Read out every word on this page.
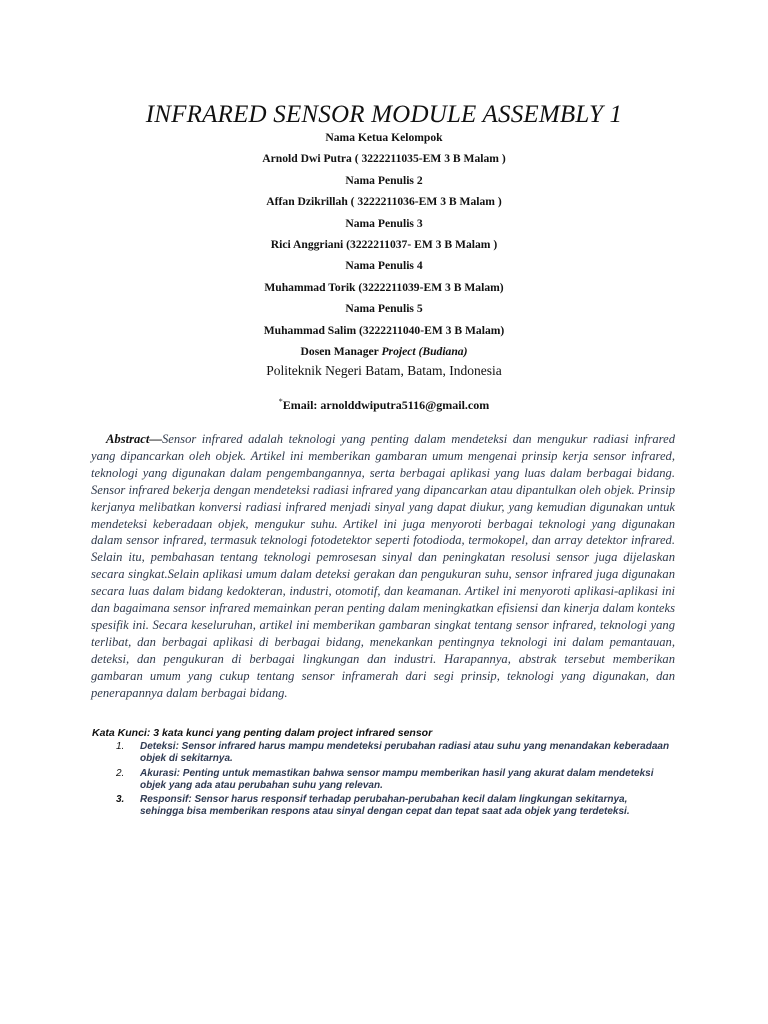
INFRARED SENSOR MODULE ASSEMBLY 1
Nama Ketua Kelompok
Arnold Dwi Putra ( 3222211035-EM 3 B Malam )
Nama Penulis 2
Affan Dzikrillah ( 3222211036-EM 3 B Malam )
Nama Penulis 3
Rici Anggriani (3222211037- EM 3 B Malam )
Nama Penulis 4
Muhammad Torik (3222211039-EM 3 B Malam)
Nama Penulis 5
Muhammad Salim (3222211040-EM 3 B Malam)
Dosen Manager Project (Budiana)
Politeknik Negeri Batam, Batam, Indonesia
*Email: arnolddwiputra5116@gmail.com
Abstract—Sensor infrared adalah teknologi yang penting dalam mendeteksi dan mengukur radiasi infrared yang dipancarkan oleh objek. Artikel ini memberikan gambaran umum mengenai prinsip kerja sensor infrared, teknologi yang digunakan dalam pengembangannya, serta berbagai aplikasi yang luas dalam berbagai bidang. Sensor infrared bekerja dengan mendeteksi radiasi infrared yang dipancarkan atau dipantulkan oleh objek. Prinsip kerjanya melibatkan konversi radiasi infrared menjadi sinyal yang dapat diukur, yang kemudian digunakan untuk mendeteksi keberadaan objek, mengukur suhu. Artikel ini juga menyoroti berbagai teknologi yang digunakan dalam sensor infrared, termasuk teknologi fotodetektor seperti fotodioda, termokopel, dan array detektor infrared. Selain itu, pembahasan tentang teknologi pemrosesan sinyal dan peningkatan resolusi sensor juga dijelaskan secara singkat.Selain aplikasi umum dalam deteksi gerakan dan pengukuran suhu, sensor infrared juga digunakan secara luas dalam bidang kedokteran, industri, otomotif, dan keamanan. Artikel ini menyoroti aplikasi-aplikasi ini dan bagaimana sensor infrared memainkan peran penting dalam meningkatkan efisiensi dan kinerja dalam konteks spesifik ini. Secara keseluruhan, artikel ini memberikan gambaran singkat tentang sensor infrared, teknologi yang terlibat, dan berbagai aplikasi di berbagai bidang, menekankan pentingnya teknologi ini dalam pemantauan, deteksi, dan pengukuran di berbagai lingkungan dan industri. Harapannya, abstrak tersebut memberikan gambaran umum yang cukup tentang sensor inframerah dari segi prinsip, teknologi yang digunakan, dan penerapannya dalam berbagai bidang.
Kata Kunci: 3 kata kunci yang penting dalam project infrared sensor
1. Deteksi: Sensor infrared harus mampu mendeteksi perubahan radiasi atau suhu yang menandakan keberadaan objek di sekitarnya.
2. Akurasi: Penting untuk memastikan bahwa sensor mampu memberikan hasil yang akurat dalam mendeteksi objek yang ada atau perubahan suhu yang relevan.
3. Responsif: Sensor harus responsif terhadap perubahan-perubahan kecil dalam lingkungan sekitarnya, sehingga bisa memberikan respons atau sinyal dengan cepat dan tepat saat ada objek yang terdeteksi.
